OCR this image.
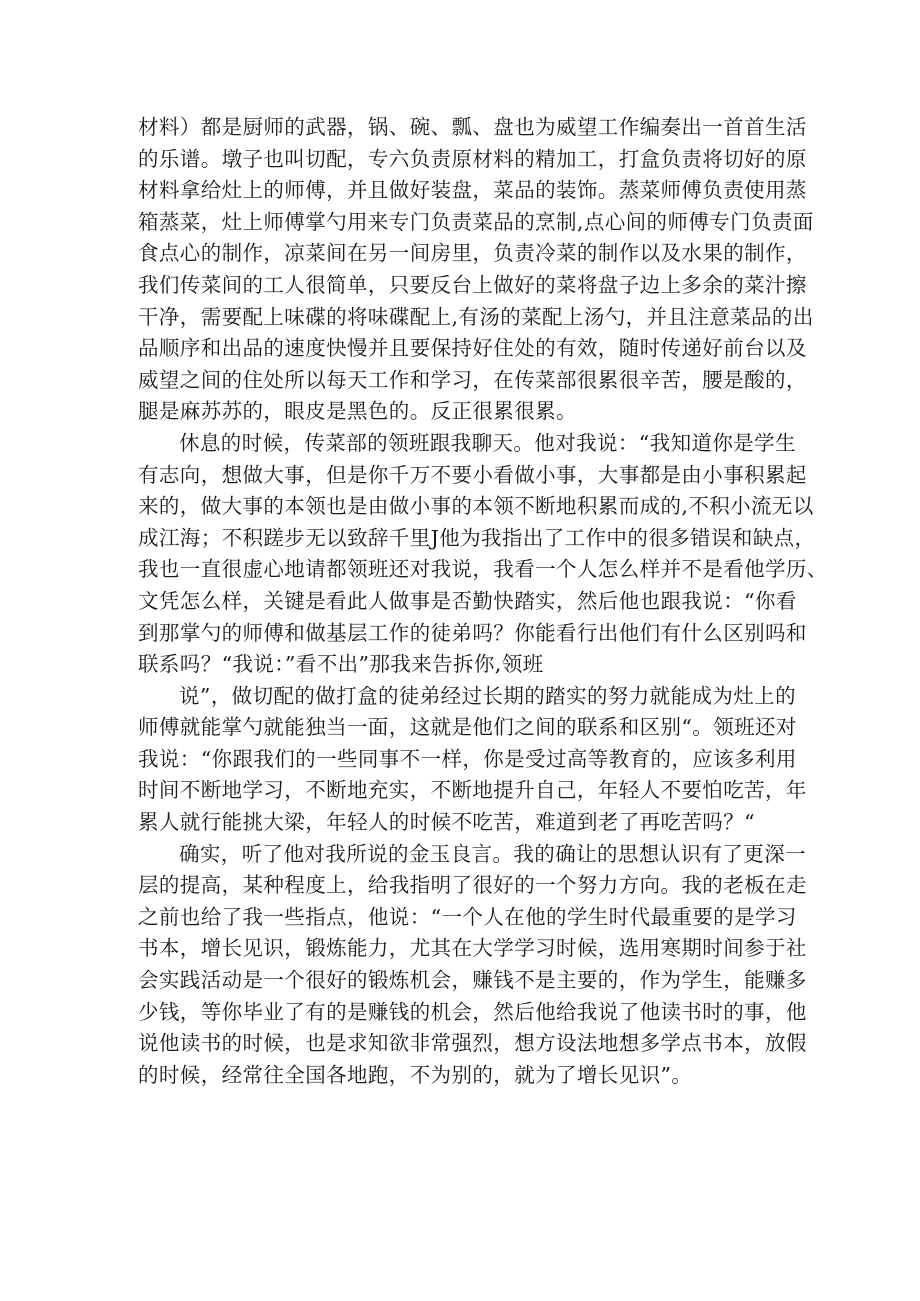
材料）都是厨师的武器，锅、碗、瓢、盘也为威望工作编奏出一首首生活
的乐谱。墩子也叫切配，专六负责原材料的精加工，打盒负责将切好的原
材料拿给灶上的师傅，并且做好装盘，菜品的装饰。蒸菜师傅负责使用蒸
箱蒸菜，灶上师傅掌勺用来专门负责菜品的烹制,点心间的师傅专门负责面
食点心的制作，凉菜间在另一间房里，负责冷菜的制作以及水果的制作，
我们传菜间的工人很简单，只要反台上做好的菜将盘子边上多余的菜汁擦
干净，需要配上味碟的将味碟配上,有汤的菜配上汤勺，并且注意菜品的出
品顺序和出品的速度快慢并且要保持好住处的有效，随时传递好前台以及
威望之间的住处所以每天工作和学习，在传菜部很累很辛苦，腰是酸的，
腿是麻苏苏的，眼皮是黑色的。反正很累很累。
休息的时候，传菜部的领班跟我聊天。他对我说：“我知道你是学生
有志向，想做大事，但是你千万不要小看做小事，大事都是由小事积累起
来的，做大事的本领也是由做小事的本领不断地积累而成的,不积小流无以
成江海；不积蹉步无以致辞千里J他为我指出了工作中的很多错误和缺点，
我也一直很虚心地请都领班还对我说，我看一个人怎么样并不是看他学历、
文凭怎么样，关键是看此人做事是否勤快踏实，然后他也跟我说：“你看
到那掌勺的师傅和做基层工作的徒弟吗？你能看行出他们有什么区别吗和
联系吗？“我说：”看不出”那我来告拆你,领班
说”，做切配的做打盒的徒弟经过长期的踏实的努力就能成为灶上的
师傅就能掌勺就能独当一面，这就是他们之间的联系和区别“。领班还对
我说：“你跟我们的一些同事不一样，你是受过高等教育的，应该多利用
时间不断地学习，不断地充实，不断地提升自己，年轻人不要怕吃苦，年
累人就行能挑大梁，年轻人的时候不吃苦，难道到老了再吃苦吗？“
确实，听了他对我所说的金玉良言。我的确让的思想认识有了更深一
层的提高，某种程度上，给我指明了很好的一个努力方向。我的老板在走
之前也给了我一些指点，他说：“一个人在他的学生时代最重要的是学习
书本，增长见识，锻炼能力，尤其在大学学习时候，选用寒期时间参于社
会实践活动是一个很好的锻炼机会，赚钱不是主要的，作为学生，能赚多
少钱，等你毕业了有的是赚钱的机会，然后他给我说了他读书时的事，他
说他读书的时候，也是求知欲非常强烈，想方设法地想多学点书本，放假
的时候，经常往全国各地跑，不为别的，就为了增长见识”。
